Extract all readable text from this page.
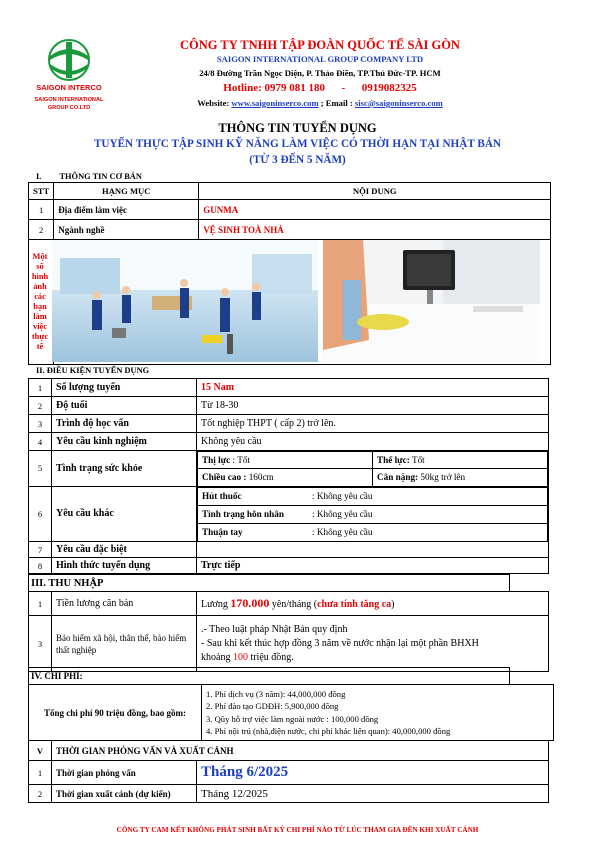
SAIGON INTERCO
SAIGON INTERNATIONAL
GROUP CO.LTD
CÔNG TY TNHH TẬP ĐOÀN QUỐC TẾ SÀI GÒN
SAIGON INTERNATIONAL GROUP COMPANY LTD
24/8 Đường Trần Ngọc Diện, P. Thảo Điền, TP.Thủ Đức-TP. HCM
Hotline: 0979 081 180 - 0919082325
Website: www.saigoninserco.com ; Email : sisc@saigoninserco.com
THÔNG TIN TUYỂN DỤNG
TUYỂN THỰC TẬP SINH KỸ NĂNG LÀM VIỆC CÓ THỜI HẠN TẠI NHẬT BẢN
(TỪ 3 ĐẾN 5 NĂM)
I. THÔNG TIN CƠ BẢN
STT	HẠNG MỤC	NỘI DUNG
1	Địa điểm làm việc	GUNMA
2	Ngành nghề	VỆ SINH TOÀ NHÀ

Một số hình ảnh các bạn làm việc thực tế		

II. ĐIỀU KIỆN TUYỂN DỤNG
1	Số lượng tuyển	15 Nam
2	Độ tuổi	Từ 18-30
3	Trình độ học vấn	Tốt nghiệp THPT ( cấp 2) trở lên.
4	Yêu cầu kinh nghiệm	Không yêu cầu
5	Tình trạng sức khỏe	
Thị lực : Tốt	Thể lực: Tốt
Chiều cao : 160cm	Cân nặng: 50kg trở lên

6	Yêu cầu khác	
Hút thuốc	: Không yêu cầu
Tình trạng hôn nhân	: Không yêu cầu
Thuận tay	: Không yêu cầu

7	Yêu cầu đặc biệt	
8	Hình thức tuyển dụng	Trực tiếp
III. THU NHẬP
1	Tiền lương căn bản	Lương 170.000 yên/tháng (chưa tính tăng ca)
3	Bảo hiểm xã hội, thân thể, bảo hiểm thất nghiệp	.- Theo luật pháp Nhật Bản quy định
- Sau khi kết thúc hợp đồng 3 năm về nước nhận lại một phần BHXH
khoảng 100 triệu đồng.
IV. CHI PHÍ:
Tổng chi phí 90 triệu đồng, bao gồm:	
1. Phí dịch vụ (3 năm): 44,000,000 đồng
2. Phí đào tạo GDĐH: 5,900,000 đồng
3. Qũy hỗ trợ việc làm ngoài nước : 100,000 đồng
4. Phí nội trú (nhà,điện nước, chi phí khác liên quan): 40,000,000 đồng
V	THỜI GIAN PHỎNG VẤN VÀ XUẤT CẢNH	
1	Thời gian phỏng vấn	Tháng 6/2025
2	Thời gian xuất cảnh (dự kiến)	Tháng 12/2025
CÔNG TY CAM KẾT KHÔNG PHÁT SINH BẤT KỲ CHI PHÍ NÀO TỪ LÚC THAM GIA ĐẾN KHI XUẤT CẢNH
